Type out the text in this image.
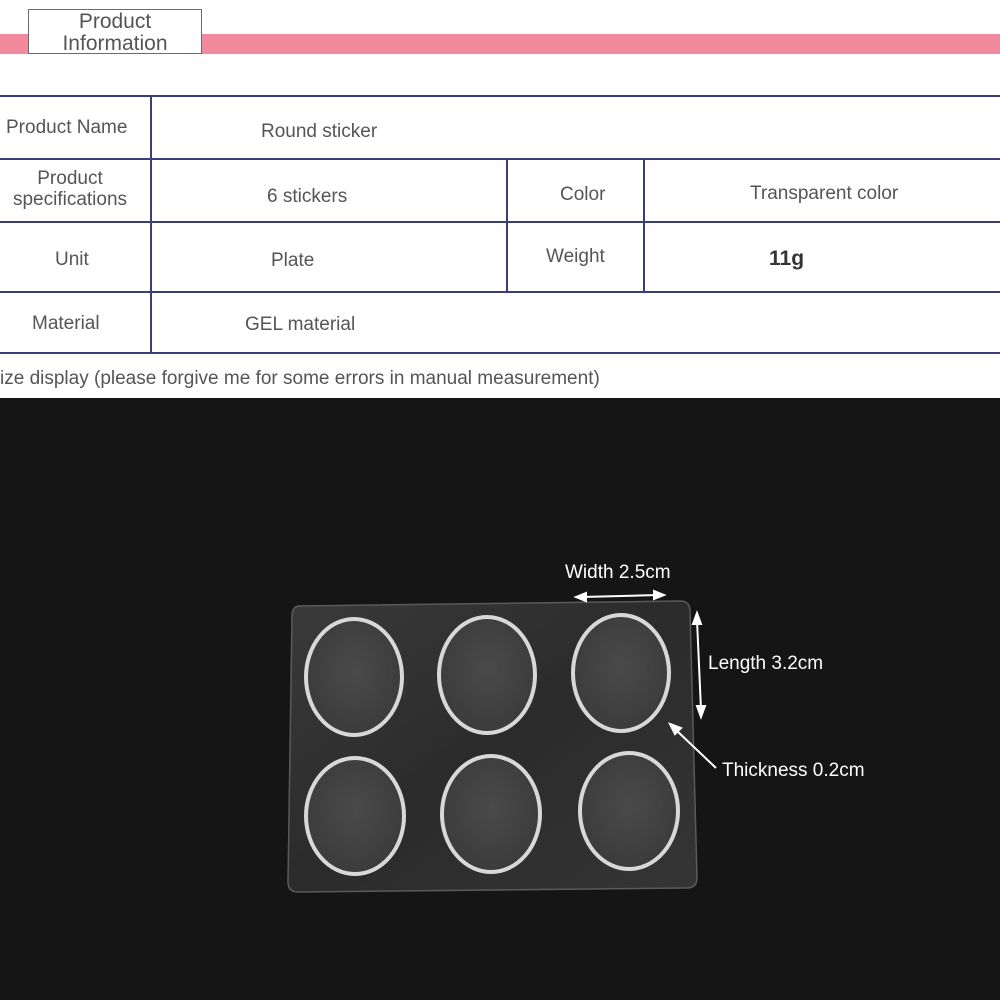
Product
Information
Product Name	Round sticker
Product
specifications	6 stickers	Color	Transparent color
Unit	Plate	Weight	11g
Material	GEL material
ize display (please forgive me for some errors in manual measurement)
Width 2.5cm
Length 3.2cm
Thickness 0.2cm
